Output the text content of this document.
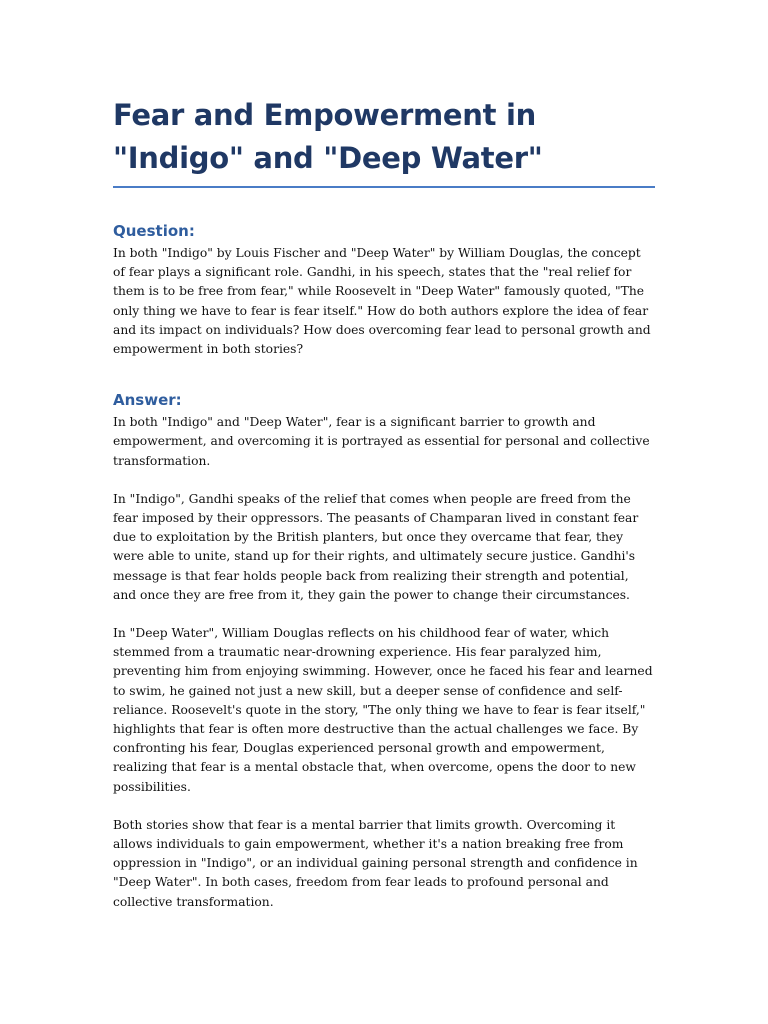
Fear and Empowerment in "Indigo" and "Deep Water"
Question:

In both "Indigo" by Louis Fischer and "Deep Water" by William Douglas, the concept of fear plays a significant role. Gandhi, in his speech, states that the "real relief for them is to be free from fear," while Roosevelt in "Deep Water" famously quoted, "The only thing we have to fear is fear itself." How do both authors explore the idea of fear and its impact on individuals? How does overcoming fear lead to personal growth and empowerment in both stories?

Answer:

In both "Indigo" and "Deep Water", fear is a significant barrier to growth and empowerment, and overcoming it is portrayed as essential for personal and collective transformation.

In "Indigo", Gandhi speaks of the relief that comes when people are freed from the fear imposed by their oppressors. The peasants of Champaran lived in constant fear due to exploitation by the British planters, but once they overcame that fear, they were able to unite, stand up for their rights, and ultimately secure justice. Gandhi's message is that fear holds people back from realizing their strength and potential, and once they are free from it, they gain the power to change their circumstances.

In "Deep Water", William Douglas reflects on his childhood fear of water, which stemmed from a traumatic near-drowning experience. His fear paralyzed him, preventing him from enjoying swimming. However, once he faced his fear and learned to swim, he gained not just a new skill, but a deeper sense of confidence and self-reliance. Roosevelt's quote in the story, "The only thing we have to fear is fear itself," highlights that fear is often more destructive than the actual challenges we face. By confronting his fear, Douglas experienced personal growth and empowerment, realizing that fear is a mental obstacle that, when overcome, opens the door to new possibilities.

Both stories show that fear is a mental barrier that limits growth. Overcoming it allows individuals to gain empowerment, whether it's a nation breaking free from oppression in "Indigo", or an individual gaining personal strength and confidence in "Deep Water". In both cases, freedom from fear leads to profound personal and collective transformation.
